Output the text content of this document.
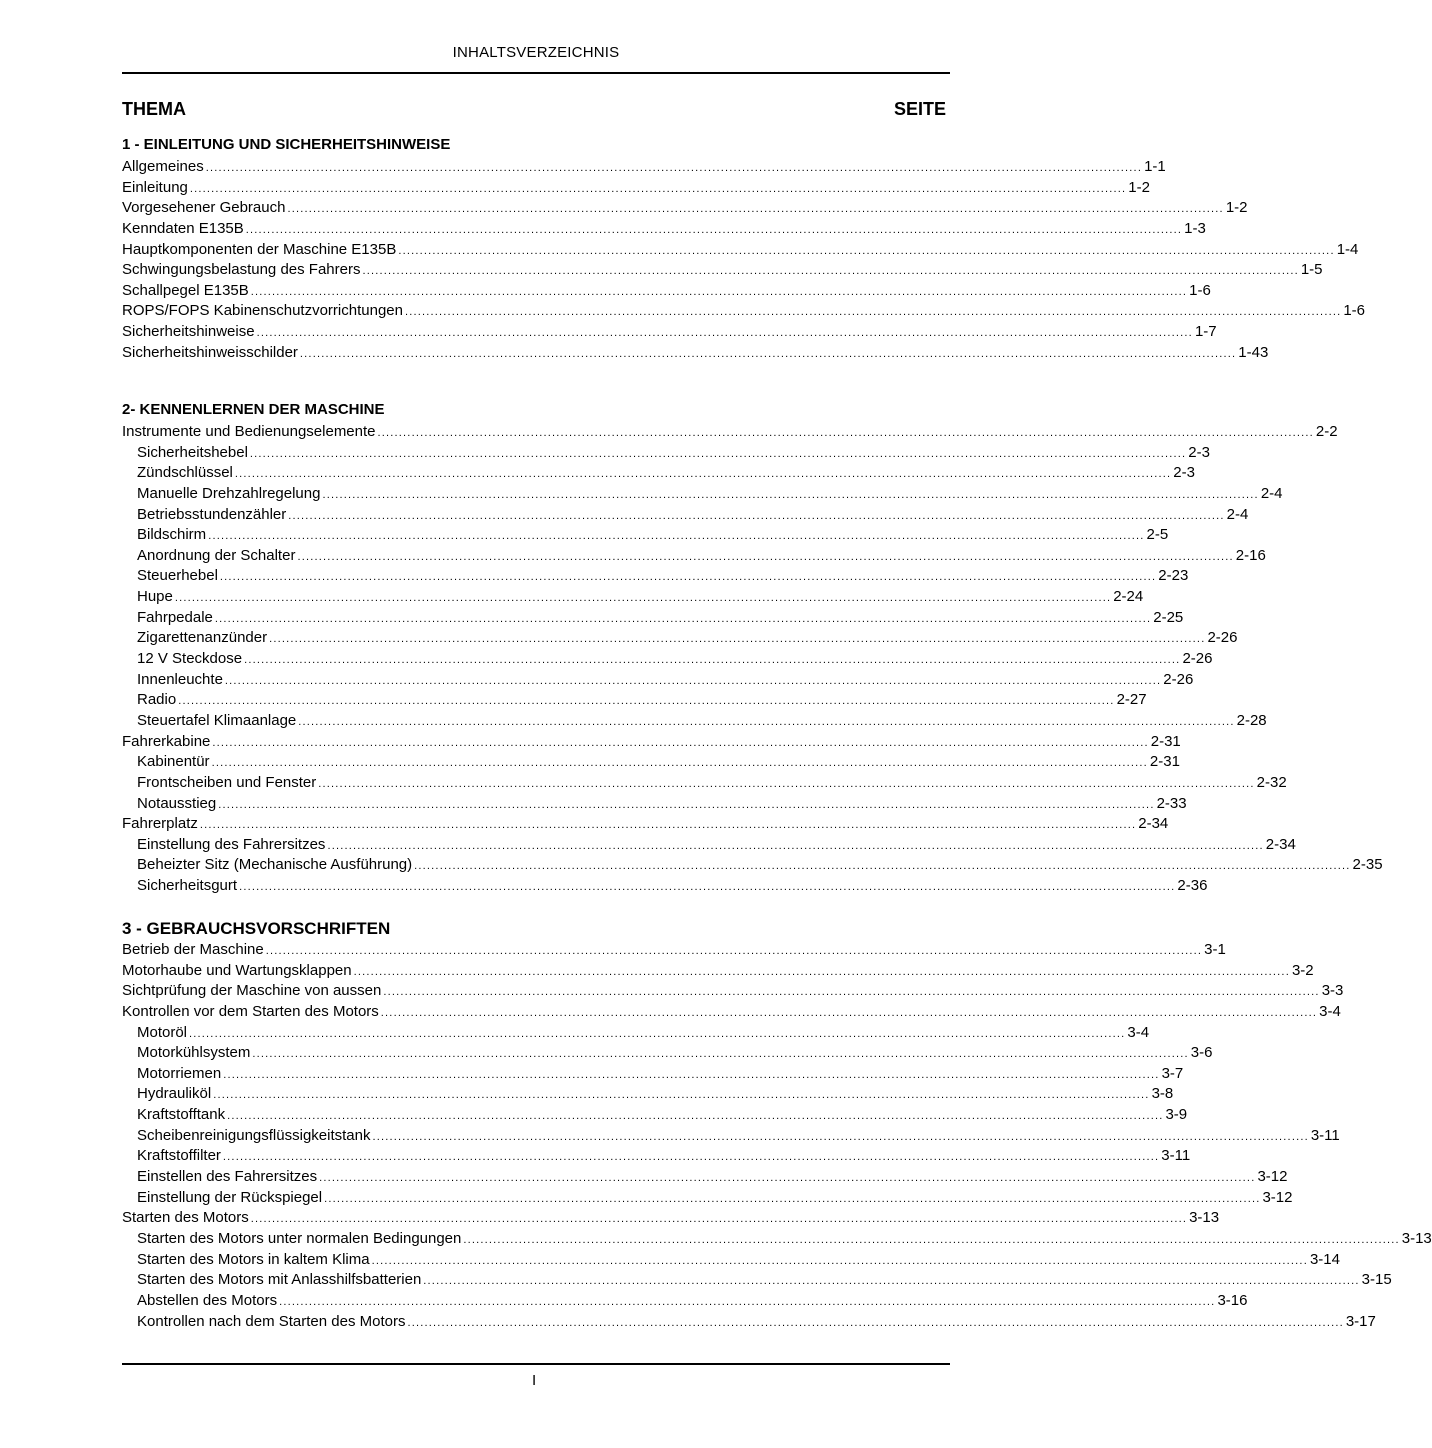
INHALTSVERZEICHNIS
THEMA	SEITE
1 - EINLEITUNG UND SICHERHEITSHINWEISE
Allgemeines ............................................................................................................................................................................................................................ 1-1
Einleitung ............................................................................................................................................................................................................................ 1-2
Vorgesehener Gebrauch ............................................................................................................................................................................................................................ 1-2
Kenndaten E135B ............................................................................................................................................................................................................................ 1-3
Hauptkomponenten der Maschine E135B ............................................................................................................................................................................................................................ 1-4
Schwingungsbelastung des Fahrers ............................................................................................................................................................................................................................ 1-5
Schallpegel E135B ............................................................................................................................................................................................................................ 1-6
ROPS/FOPS Kabinenschutzvorrichtungen ............................................................................................................................................................................................................................ 1-6
Sicherheitshinweise ............................................................................................................................................................................................................................ 1-7
Sicherheitshinweisschilder ............................................................................................................................................................................................................................ 1-43
2- KENNENLERNEN DER MASCHINE
Instrumente und Bedienungselemente ............................................................................................................................................................................................................................ 2-2
Sicherheitshebel ............................................................................................................................................................................................................................ 2-3
Zündschlüssel ............................................................................................................................................................................................................................ 2-3
Manuelle Drehzahlregelung ............................................................................................................................................................................................................................ 2-4
Betriebsstundenzähler ............................................................................................................................................................................................................................ 2-4
Bildschirm ............................................................................................................................................................................................................................ 2-5
Anordnung der Schalter ............................................................................................................................................................................................................................ 2-16
Steuerhebel ............................................................................................................................................................................................................................ 2-23
Hupe ............................................................................................................................................................................................................................ 2-24
Fahrpedale ............................................................................................................................................................................................................................ 2-25
Zigarettenanzünder ............................................................................................................................................................................................................................ 2-26
12 V Steckdose ............................................................................................................................................................................................................................ 2-26
Innenleuchte ............................................................................................................................................................................................................................ 2-26
Radio ............................................................................................................................................................................................................................ 2-27
Steuertafel Klimaanlage ............................................................................................................................................................................................................................ 2-28
Fahrerkabine ............................................................................................................................................................................................................................ 2-31
Kabinentür ............................................................................................................................................................................................................................ 2-31
Frontscheiben und Fenster ............................................................................................................................................................................................................................ 2-32
Notausstieg ............................................................................................................................................................................................................................ 2-33
Fahrerplatz ............................................................................................................................................................................................................................ 2-34
Einstellung des Fahrersitzes ............................................................................................................................................................................................................................ 2-34
Beheizter Sitz (Mechanische Ausführung) ............................................................................................................................................................................................................................ 2-35
Sicherheitsgurt ............................................................................................................................................................................................................................ 2-36
3 - GEBRAUCHSVORSCHRIFTEN
Betrieb der Maschine ............................................................................................................................................................................................................................ 3-1
Motorhaube und Wartungsklappen ............................................................................................................................................................................................................................ 3-2
Sichtprüfung der Maschine von aussen ............................................................................................................................................................................................................................ 3-3
Kontrollen vor dem Starten des Motors ............................................................................................................................................................................................................................ 3-4
Motoröl ............................................................................................................................................................................................................................ 3-4
Motorkühlsystem ............................................................................................................................................................................................................................ 3-6
Motorriemen ............................................................................................................................................................................................................................ 3-7
Hydrauliköl ............................................................................................................................................................................................................................ 3-8
Kraftstofftank ............................................................................................................................................................................................................................ 3-9
Scheibenreinigungsflüssigkeitstank ............................................................................................................................................................................................................................ 3-11
Kraftstoffilter ............................................................................................................................................................................................................................ 3-11
Einstellen des Fahrersitzes ............................................................................................................................................................................................................................ 3-12
Einstellung der Rückspiegel ............................................................................................................................................................................................................................ 3-12
Starten des Motors ............................................................................................................................................................................................................................ 3-13
Starten des Motors unter normalen Bedingungen ............................................................................................................................................................................................................................ 3-13
Starten des Motors in kaltem Klima ............................................................................................................................................................................................................................ 3-14
Starten des Motors mit Anlasshilfsbatterien ............................................................................................................................................................................................................................ 3-15
Abstellen des Motors ............................................................................................................................................................................................................................ 3-16
Kontrollen nach dem Starten des Motors ............................................................................................................................................................................................................................ 3-17
I
